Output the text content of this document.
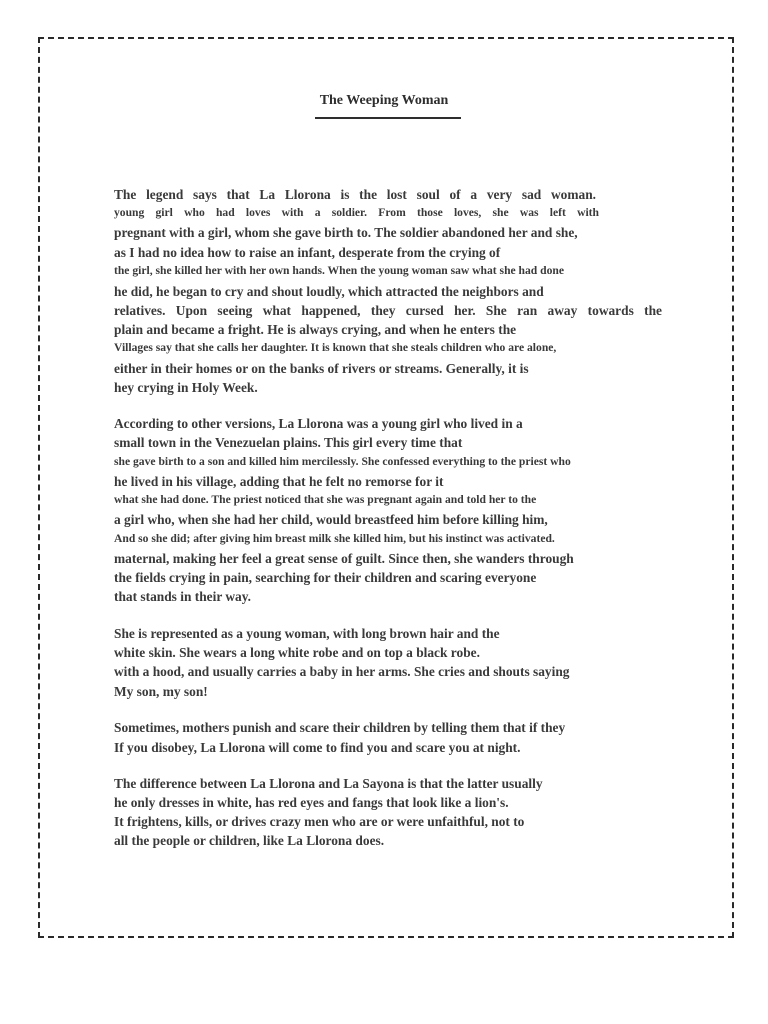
The Weeping Woman
The legend says that La Llorona is the lost soul of a very sad woman.
young girl who had loves with a soldier. From those loves, she was left with
pregnant with a girl, whom she gave birth to. The soldier abandoned her and she,
as I had no idea how to raise an infant, desperate from the crying of
the girl, she killed her with her own hands. When the young woman saw what she had done
he did, he began to cry and shout loudly, which attracted the neighbors and
relatives. Upon seeing what happened, they cursed her. She ran away towards the
plain and became a fright. He is always crying, and when he enters the
Villages say that she calls her daughter. It is known that she steals children who are alone,
either in their homes or on the banks of rivers or streams. Generally, it is
hey crying in Holy Week.
According to other versions, La Llorona was a young girl who lived in a
small town in the Venezuelan plains. This girl every time that
she gave birth to a son and killed him mercilessly. She confessed everything to the priest who
he lived in his village, adding that he felt no remorse for it
what she had done. The priest noticed that she was pregnant again and told her to the
a girl who, when she had her child, would breastfeed him before killing him,
And so she did; after giving him breast milk she killed him, but his instinct was activated.
maternal, making her feel a great sense of guilt. Since then, she wanders through
the fields crying in pain, searching for their children and scaring everyone
that stands in their way.
She is represented as a young woman, with long brown hair and the
white skin. She wears a long white robe and on top a black robe.
with a hood, and usually carries a baby in her arms. She cries and shouts saying
My son, my son!
Sometimes, mothers punish and scare their children by telling them that if they
If you disobey, La Llorona will come to find you and scare you at night.
The difference between La Llorona and La Sayona is that the latter usually
he only dresses in white, has red eyes and fangs that look like a lion's.
It frightens, kills, or drives crazy men who are or were unfaithful, not to
all the people or children, like La Llorona does.
